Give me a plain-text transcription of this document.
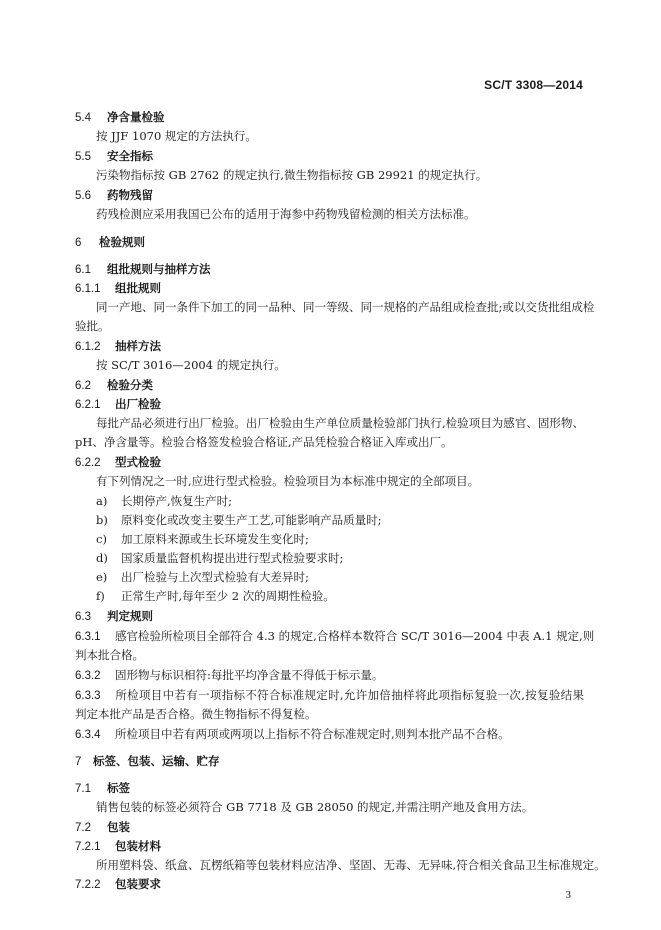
SC/T 3308—2014
5.4 净含量检验
按 JJF 1070 规定的方法执行。
5.5 安全指标
污染物指标按 GB 2762 的规定执行,微生物指标按 GB 29921 的规定执行。
5.6 药物残留
药残检测应采用我国已公布的适用于海参中药物残留检测的相关方法标准。
6 检验规则
6.1 组批规则与抽样方法
6.1.1 组批规则
同一产地、同一条件下加工的同一品种、同一等级、同一规格的产品组成检查批;或以交货批组成检
验批。
6.1.2 抽样方法
按 SC/T 3016—2004 的规定执行。
6.2 检验分类
6.2.1 出厂检验
每批产品必须进行出厂检验。出厂检验由生产单位质量检验部门执行,检验项目为感官、固形物、
pH、净含量等。检验合格签发检验合格证,产品凭检验合格证入库或出厂。
6.2.2 型式检验
有下列情况之一时,应进行型式检验。检验项目为本标准中规定的全部项目。
a) 长期停产,恢复生产时;
b) 原料变化或改变主要生产工艺,可能影响产品质量时;
c) 加工原料来源或生长环境发生变化时;
d) 国家质量监督机构提出进行型式检验要求时;
e) 出厂检验与上次型式检验有大差异时;
f) 正常生产时,每年至少 2 次的周期性检验。
6.3 判定规则
6.3.1 感官检验所检项目全部符合 4.3 的规定,合格样本数符合 SC/T 3016—2004 中表 A.1 规定,则
判本批合格。
6.3.2 固形物与标识相符:每批平均净含量不得低于标示量。
6.3.3 所检项目中若有一项指标不符合标准规定时,允许加倍抽样将此项指标复验一次,按复验结果
判定本批产品是否合格。微生物指标不得复检。
6.3.4 所检项目中若有两项或两项以上指标不符合标准规定时,则判本批产品不合格。
7 标签、包装、运输、贮存
7.1 标签
销售包装的标签必须符合 GB 7718 及 GB 28050 的规定,并需注明产地及食用方法。
7.2 包装
7.2.1 包装材料
所用塑料袋、纸盒、瓦楞纸箱等包装材料应洁净、坚固、无毒、无异味,符合相关食品卫生标准规定。
7.2.2 包装要求
3
